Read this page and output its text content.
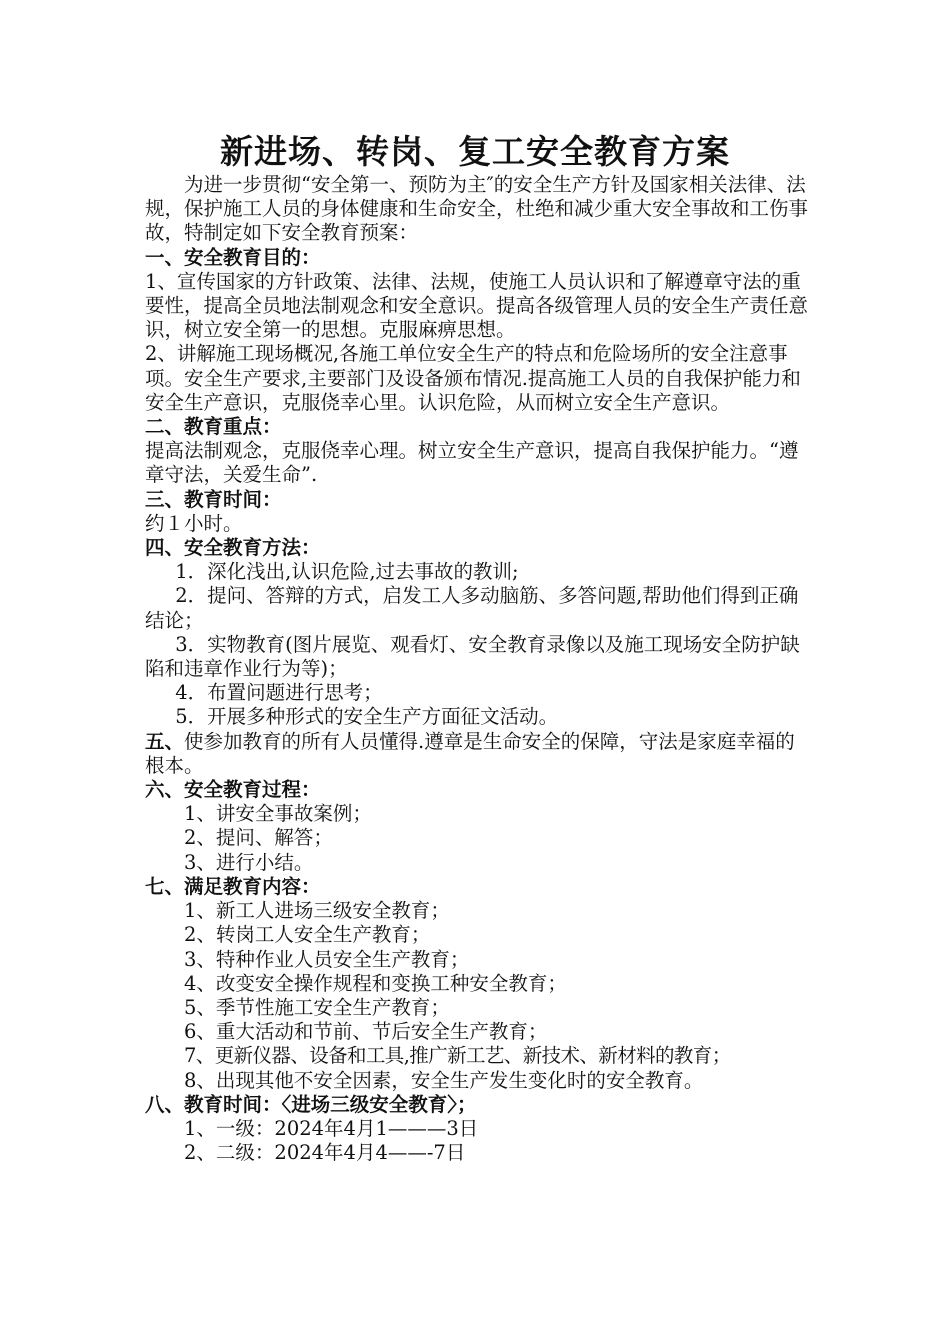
新进场、转岗、复工安全教育方案

为进一步贯彻“安全第一、预防为主″的安全生产方针及国家相关法律、法规，保护施工人员的身体健康和生命安全，杜绝和减少重大安全事故和工伤事故，特制定如下安全教育预案：

一、安全教育目的：

1、宣传国家的方针政策、法律、法规，使施工人员认识和了解遵章守法的重要性，提高全员地法制观念和安全意识。提高各级管理人员的安全生产责任意识，树立安全第一的思想。克服麻痹思想。

2、讲解施工现场概况,各施工单位安全生产的特点和危险场所的安全注意事项。安全生产要求,主要部门及设备颁布情况.提高施工人员的自我保护能力和安全生产意识，克服侥幸心里。认识危险，从而树立安全生产意识。

二、教育重点：

提高法制观念，克服侥幸心理。树立安全生产意识，提高自我保护能力。“遵章守法，关爱生命”.

三、教育时间：

约１小时。

四、安全教育方法：

1．深化浅出,认识危险,过去事故的教训;

2．提问、答辩的方式，启发工人多动脑筋、多答问题,帮助他们得到正确结论；

3．实物教育(图片展览、观看灯、安全教育录像以及施工现场安全防护缺陷和违章作业行为等)；

4．布置问题进行思考；

5．开展多种形式的安全生产方面征文活动。

五、使参加教育的所有人员懂得.遵章是生命安全的保障，守法是家庭幸福的根本。

六、安全教育过程：

1、讲安全事故案例；

2、提问、解答；

3、进行小结。

七、满足教育内容：

1、新工人进场三级安全教育；

2、转岗工人安全生产教育；

3、特种作业人员安全生产教育；

4、改变安全操作规程和变换工种安全教育；

5、季节性施工安全生产教育；

6、重大活动和节前、节后安全生产教育；

7、更新仪器、设备和工具,推广新工艺、新技术、新材料的教育；

8、出现其他不安全因素，安全生产发生变化时的安全教育。

八、教育时间：〈进场三级安全教育〉；

1、一级：2024年4月1———3日

2、二级：2024年4月4——-7日
